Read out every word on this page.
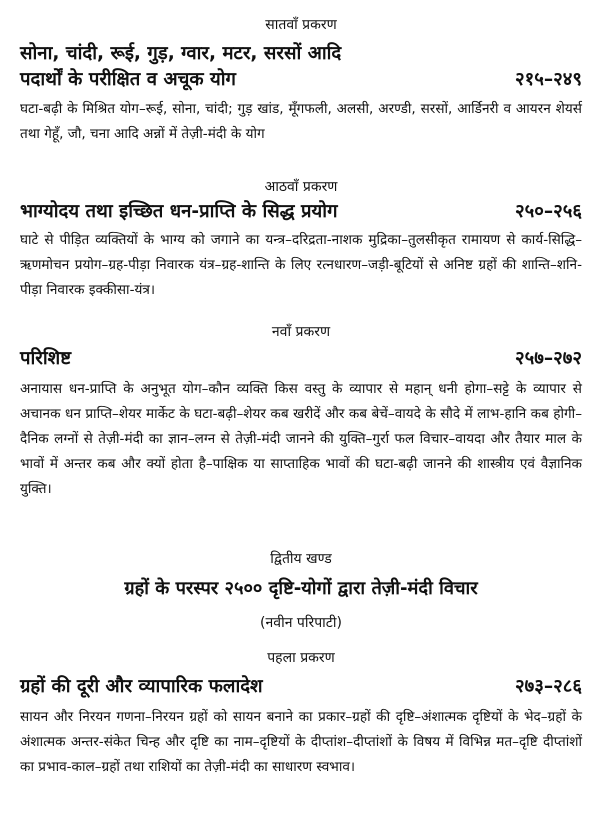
सातवाँ प्रकरण

सोना, चांदी, रूई, गुड़, ग्वार, मटर, सरसों आदि

पदार्थों के परीक्षित व अचूक योग	२१५–२४९

घटा-बढ़ी के मिश्रित योग–रूई, सोना, चांदी; गुड़ खांड, मूँगफली, अलसी, अरण्डी, सरसों, आर्डिनरी व आयरन शेयर्स तथा गेहूँ, जौ, चना आदि अन्नों में तेज़ी-मंदी के योग

आठवाँ प्रकरण

भाग्योदय तथा इच्छित धन-प्राप्ति के सिद्ध प्रयोग	२५०–२५६

घाटे से पीड़ित व्यक्तियों के भाग्य को जगाने का यन्त्र–दरिद्रता-नाशक मुद्रिका–तुलसीकृत रामायण से कार्य-सिद्धि–ऋणमोचन प्रयोग–ग्रह-पीड़ा निवारक यंत्र–ग्रह-शान्ति के लिए रत्नधारण–जड़ी-बूटियों से अनिष्ट ग्रहों की शान्ति–शनि-पीड़ा निवारक इक्कीसा-यंत्र।

नवाँ प्रकरण

परिशिष्ट	२५७–२७२

अनायास धन-प्राप्ति के अनुभूत योग–कौन व्यक्ति किस वस्तु के व्यापार से महान् धनी होगा–सट्टे के व्यापार से अचानक धन प्राप्ति–शेयर मार्केट के घटा-बढ़ी–शेयर कब खरीदें और कब बेचें–वायदे के सौदे में लाभ-हानि कब होगी–दैनिक लग्नों से तेज़ी-मंदी का ज्ञान–लग्न से तेज़ी-मंदी जानने की युक्ति–गुर्रा फल विचार–वायदा और तैयार माल के भावों में अन्तर कब और क्यों होता है–पाक्षिक या साप्ताहिक भावों की घटा-बढ़ी जानने की शास्त्रीय एवं वैज्ञानिक युक्ति।

द्वितीय खण्ड

ग्रहों के परस्पर २५०० दृष्टि-योगों द्वारा तेज़ी-मंदी विचार

(नवीन परिपाटी)

पहला प्रकरण

ग्रहों की दूरी और व्यापारिक फलादेश	२७३–२८६

सायन और निरयन गणना–निरयन ग्रहों को सायन बनाने का प्रकार–ग्रहों की दृष्टि–अंशात्मक दृष्टियों के भेद–ग्रहों के अंशात्मक अन्तर-संकेत चिन्ह और दृष्टि का नाम–दृष्टियों के दीप्तांश–दीप्तांशों के विषय में विभिन्न मत–दृष्टि दीप्तांशों का प्रभाव-काल–ग्रहों तथा राशियों का तेज़ी-मंदी का साधारण स्वभाव।
